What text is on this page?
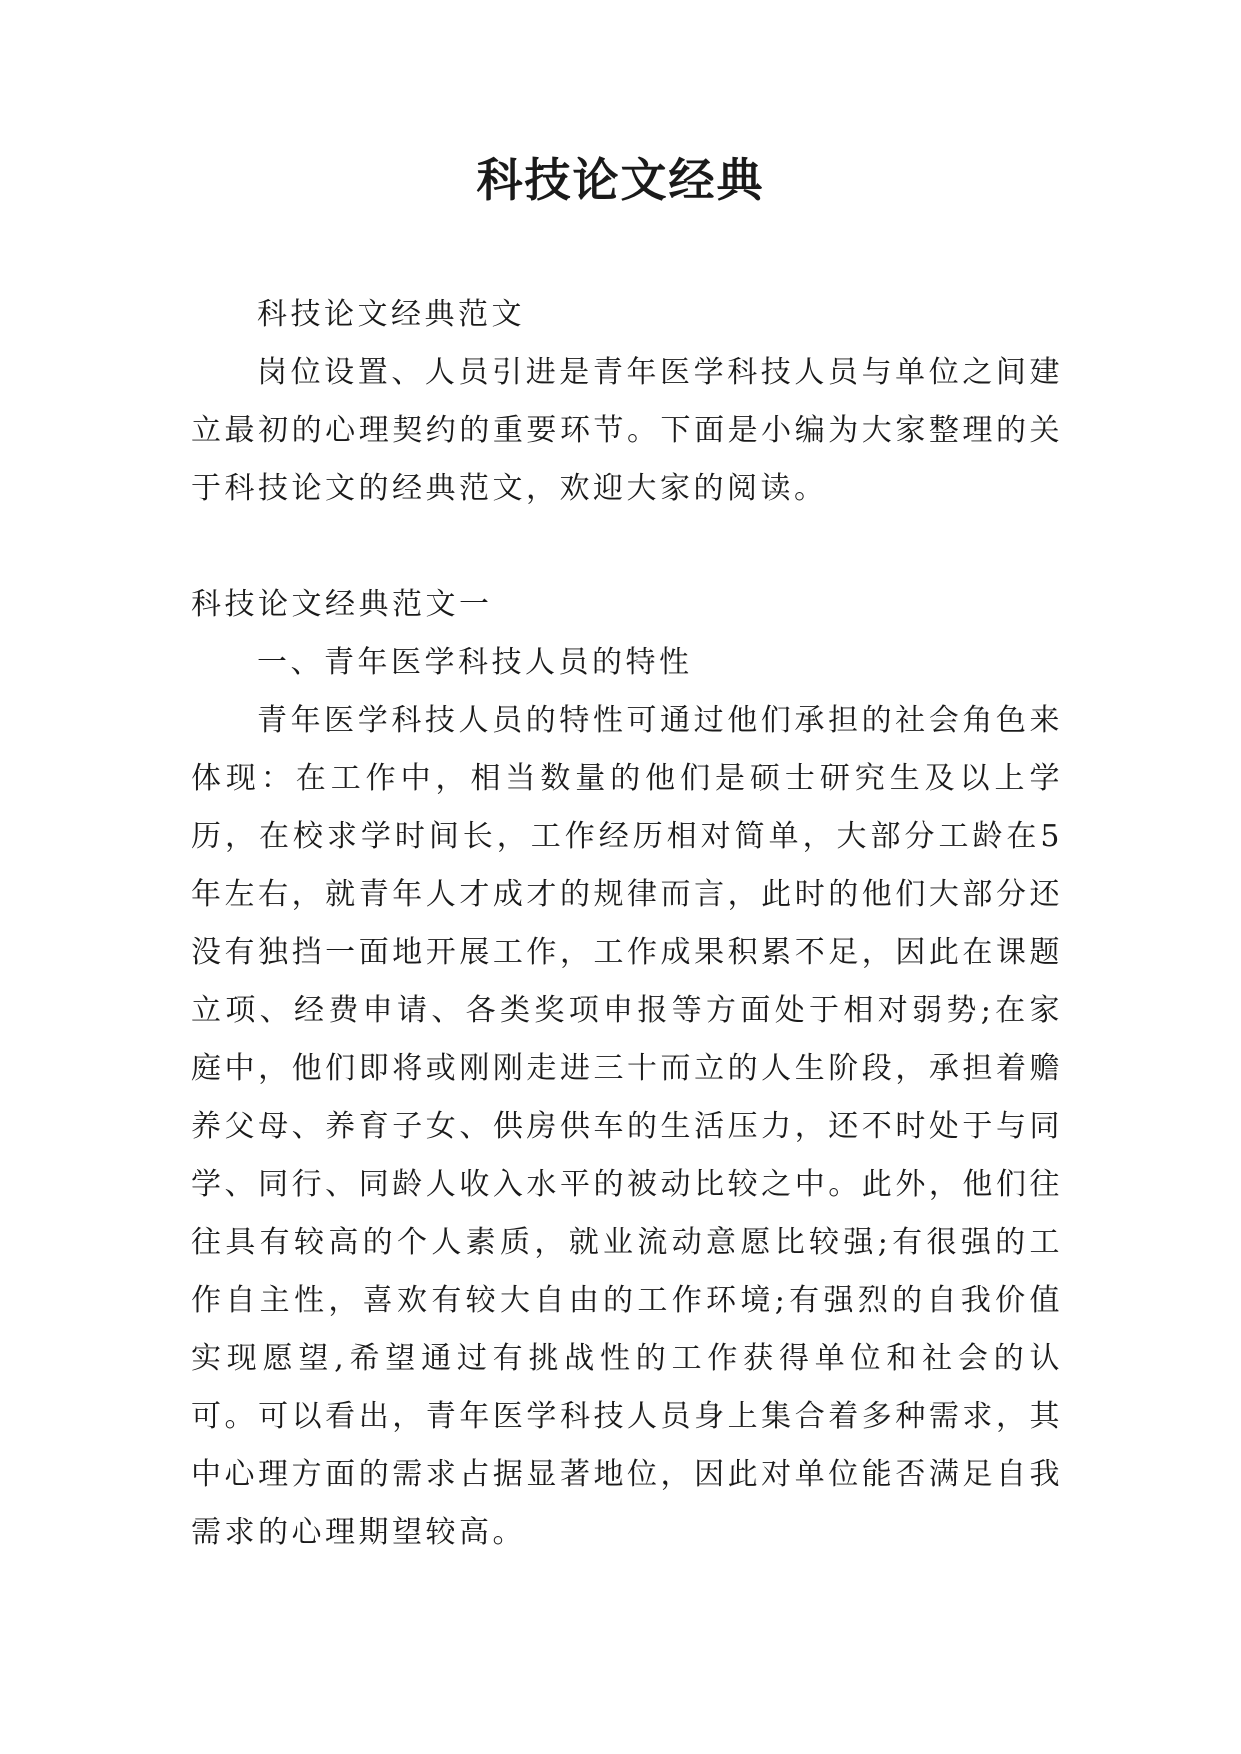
科技论文经典

科技论文经典范文

岗位设置、人员引进是青年医学科技人员与单位之间建立最初的心理契约的重要环节。下面是小编为大家整理的关于科技论文的经典范文，欢迎大家的阅读。

科技论文经典范文一

一、青年医学科技人员的特性

青年医学科技人员的特性可通过他们承担的社会角色来体现：在工作中，相当数量的他们是硕士研究生及以上学历，在校求学时间长，工作经历相对简单，大部分工龄在5年左右，就青年人才成才的规律而言，此时的他们大部分还没有独挡一面地开展工作，工作成果积累不足，因此在课题立项、经费申请、各类奖项申报等方面处于相对弱势;在家庭中，他们即将或刚刚走进三十而立的人生阶段，承担着赡养父母、养育子女、供房供车的生活压力，还不时处于与同学、同行、同龄人收入水平的被动比较之中。此外，他们往往具有较高的个人素质，就业流动意愿比较强;有很强的工作自主性，喜欢有较大自由的工作环境;有强烈的自我价值实现愿望,希望通过有挑战性的工作获得单位和社会的认可。可以看出，青年医学科技人员身上集合着多种需求，其中心理方面的需求占据显著地位，因此对单位能否满足自我需求的心理期望较高。
